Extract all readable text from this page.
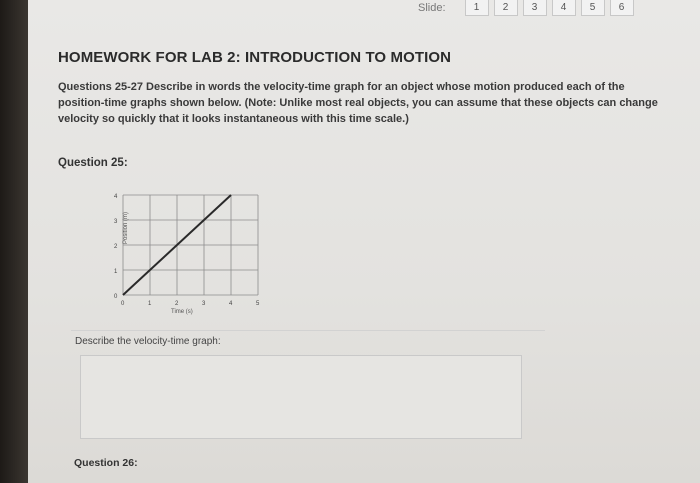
Slide:	1	2	3	4	5	6
HOMEWORK FOR LAB 2: INTRODUCTION TO MOTION
Questions 25-27 Describe in words the velocity-time graph for an object whose motion produced each of the position-time graphs shown below. (Note: Unlike most real objects, you can assume that these objects can change velocity so quickly that it looks instantaneous with this time scale.)
Question 25:
0
1
2
3
4
0	1	2	3	4	5
Position (m)
Time (s)
Describe the velocity-time graph:
Question 26:
